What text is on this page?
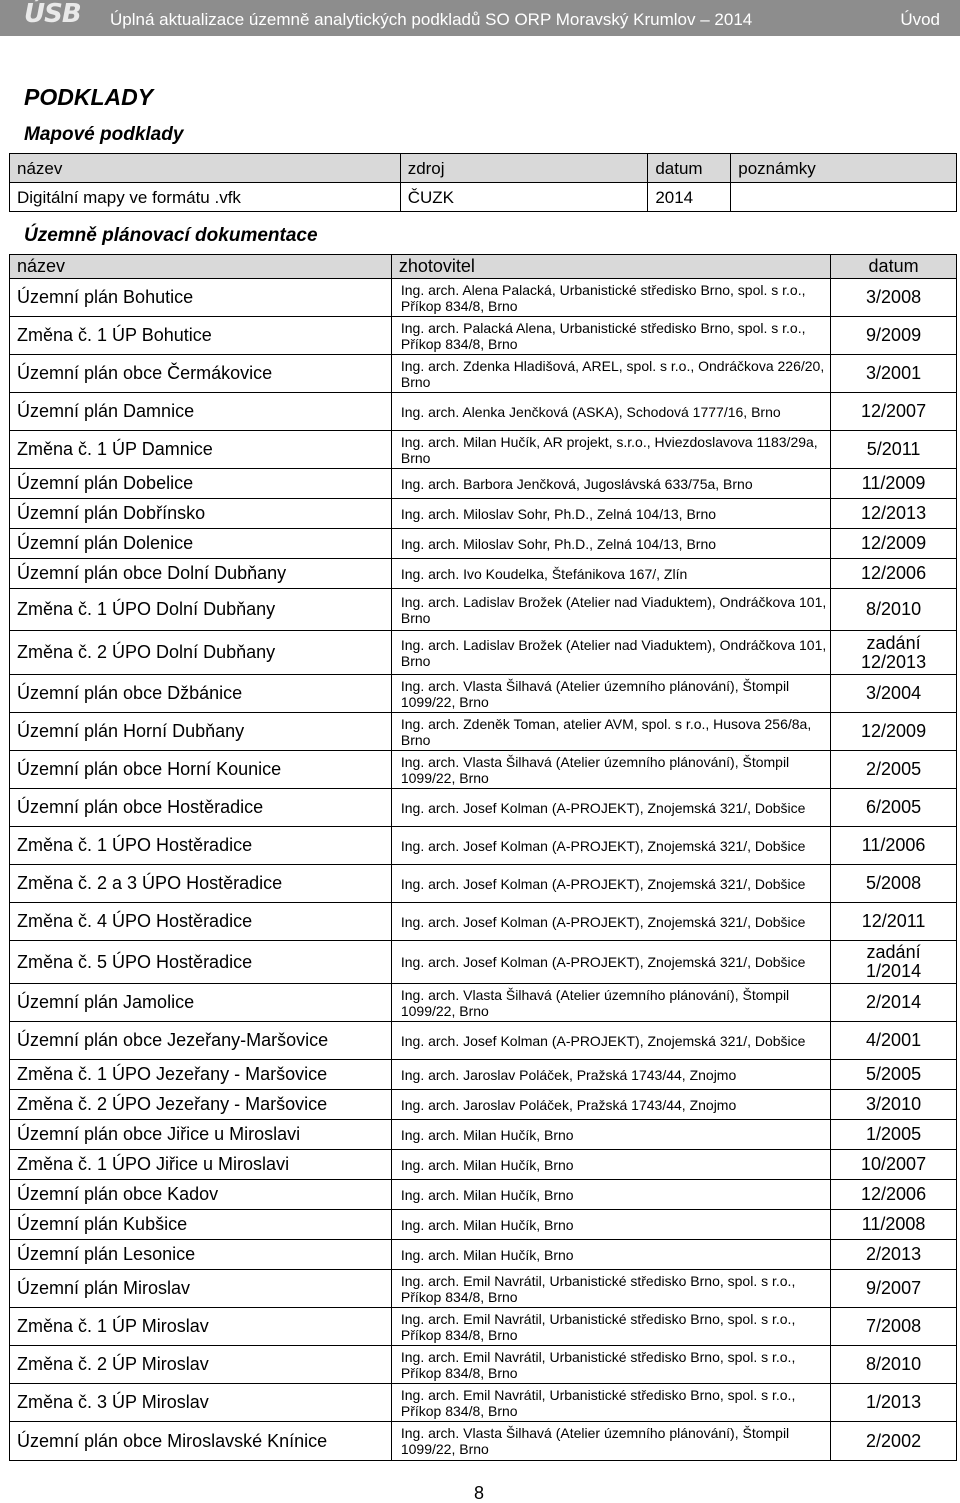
ÚSB	Úplná aktualizace územně analytických podkladů SO ORP Moravský Krumlov – 2014	Úvod
PODKLADY
Mapové podklady
název	zdroj	datum	poznámky
Digitální mapy ve formátu .vfk	ČUZK	2014	
Územně plánovací dokumentace
název	zhotovitel	datum
Územní plán Bohutice	Ing. arch. Alena Palacká, Urbanistické středisko Brno, spol. s r.o., Příkop 834/8, Brno	3/2008
Změna č. 1 ÚP Bohutice	Ing. arch. Palacká Alena, Urbanistické středisko Brno, spol. s r.o., Příkop 834/8, Brno	9/2009
Územní plán obce Čermákovice	Ing. arch. Zdenka Hladišová, AREL, spol. s r.o., Ondráčkova 226/20, Brno	3/2001
Územní plán Damnice	Ing. arch. Alenka Jenčková (ASKA), Schodová 1777/16, Brno	12/2007
Změna č. 1 ÚP Damnice	Ing. arch. Milan Hučík, AR projekt, s.r.o., Hviezdoslavova 1183/29a, Brno	5/2011
Územní plán Dobelice	Ing. arch. Barbora Jenčková, Jugoslávská 633/75a, Brno	11/2009
Územní plán Dobřínsko	Ing. arch. Miloslav Sohr, Ph.D., Zelná 104/13, Brno	12/2013
Územní plán Dolenice	Ing. arch. Miloslav Sohr, Ph.D., Zelná 104/13, Brno	12/2009
Územní plán obce Dolní Dubňany	Ing. arch. Ivo Koudelka, Štefánikova 167/, Zlín	12/2006
Změna č. 1 ÚPO Dolní Dubňany	Ing. arch. Ladislav Brožek (Atelier nad Viaduktem), Ondráčkova 101, Brno	8/2010
Změna č. 2 ÚPO Dolní Dubňany	Ing. arch. Ladislav Brožek (Atelier nad Viaduktem), Ondráčkova 101, Brno	zadání
12/2013
Územní plán obce Džbánice	Ing. arch. Vlasta Šilhavá (Atelier územního plánování), Štompil 1099/22, Brno	3/2004
Územní plán Horní Dubňany	Ing. arch. Zdeněk Toman, atelier AVM, spol. s r.o., Husova 256/8a, Brno	12/2009
Územní plán obce Horní Kounice	Ing. arch. Vlasta Šilhavá (Atelier územního plánování), Štompil 1099/22, Brno	2/2005
Územní plán obce Hostěradice	Ing. arch. Josef Kolman (A-PROJEKT), Znojemská 321/, Dobšice	6/2005
Změna č. 1 ÚPO Hostěradice	Ing. arch. Josef Kolman (A-PROJEKT), Znojemská 321/, Dobšice	11/2006
Změna č. 2 a 3 ÚPO Hostěradice	Ing. arch. Josef Kolman (A-PROJEKT), Znojemská 321/, Dobšice	5/2008
Změna č. 4 ÚPO Hostěradice	Ing. arch. Josef Kolman (A-PROJEKT), Znojemská 321/, Dobšice	12/2011
Změna č. 5 ÚPO Hostěradice	Ing. arch. Josef Kolman (A-PROJEKT), Znojemská 321/, Dobšice	zadání
1/2014
Územní plán Jamolice	Ing. arch. Vlasta Šilhavá (Atelier územního plánování), Štompil 1099/22, Brno	2/2014
Územní plán obce Jezeřany-Maršovice	Ing. arch. Josef Kolman (A-PROJEKT), Znojemská 321/, Dobšice	4/2001
Změna č. 1 ÚPO Jezeřany - Maršovice	Ing. arch. Jaroslav Poláček, Pražská 1743/44, Znojmo	5/2005
Změna č. 2 ÚPO Jezeřany - Maršovice	Ing. arch. Jaroslav Poláček, Pražská 1743/44, Znojmo	3/2010
Územní plán obce Jiřice u Miroslavi	Ing. arch. Milan Hučík, Brno	1/2005
Změna č. 1 ÚPO Jiřice u Miroslavi	Ing. arch. Milan Hučík, Brno	10/2007
Územní plán obce Kadov	Ing. arch. Milan Hučík, Brno	12/2006
Územní plán Kubšice	Ing. arch. Milan Hučík, Brno	11/2008
Územní plán Lesonice	Ing. arch. Milan Hučík, Brno	2/2013
Územní plán Miroslav	Ing. arch. Emil Navrátil, Urbanistické středisko Brno, spol. s r.o., Příkop 834/8, Brno	9/2007
Změna č. 1 ÚP Miroslav	Ing. arch. Emil Navrátil, Urbanistické středisko Brno, spol. s r.o., Příkop 834/8, Brno	7/2008
Změna č. 2 ÚP Miroslav	Ing. arch. Emil Navrátil, Urbanistické středisko Brno, spol. s r.o., Příkop 834/8, Brno	8/2010
Změna č. 3 ÚP Miroslav	Ing. arch. Emil Navrátil, Urbanistické středisko Brno, spol. s r.o., Příkop 834/8, Brno	1/2013
Územní plán obce Miroslavské Knínice	Ing. arch. Vlasta Šilhavá (Atelier územního plánování), Štompil 1099/22, Brno	2/2002
8
